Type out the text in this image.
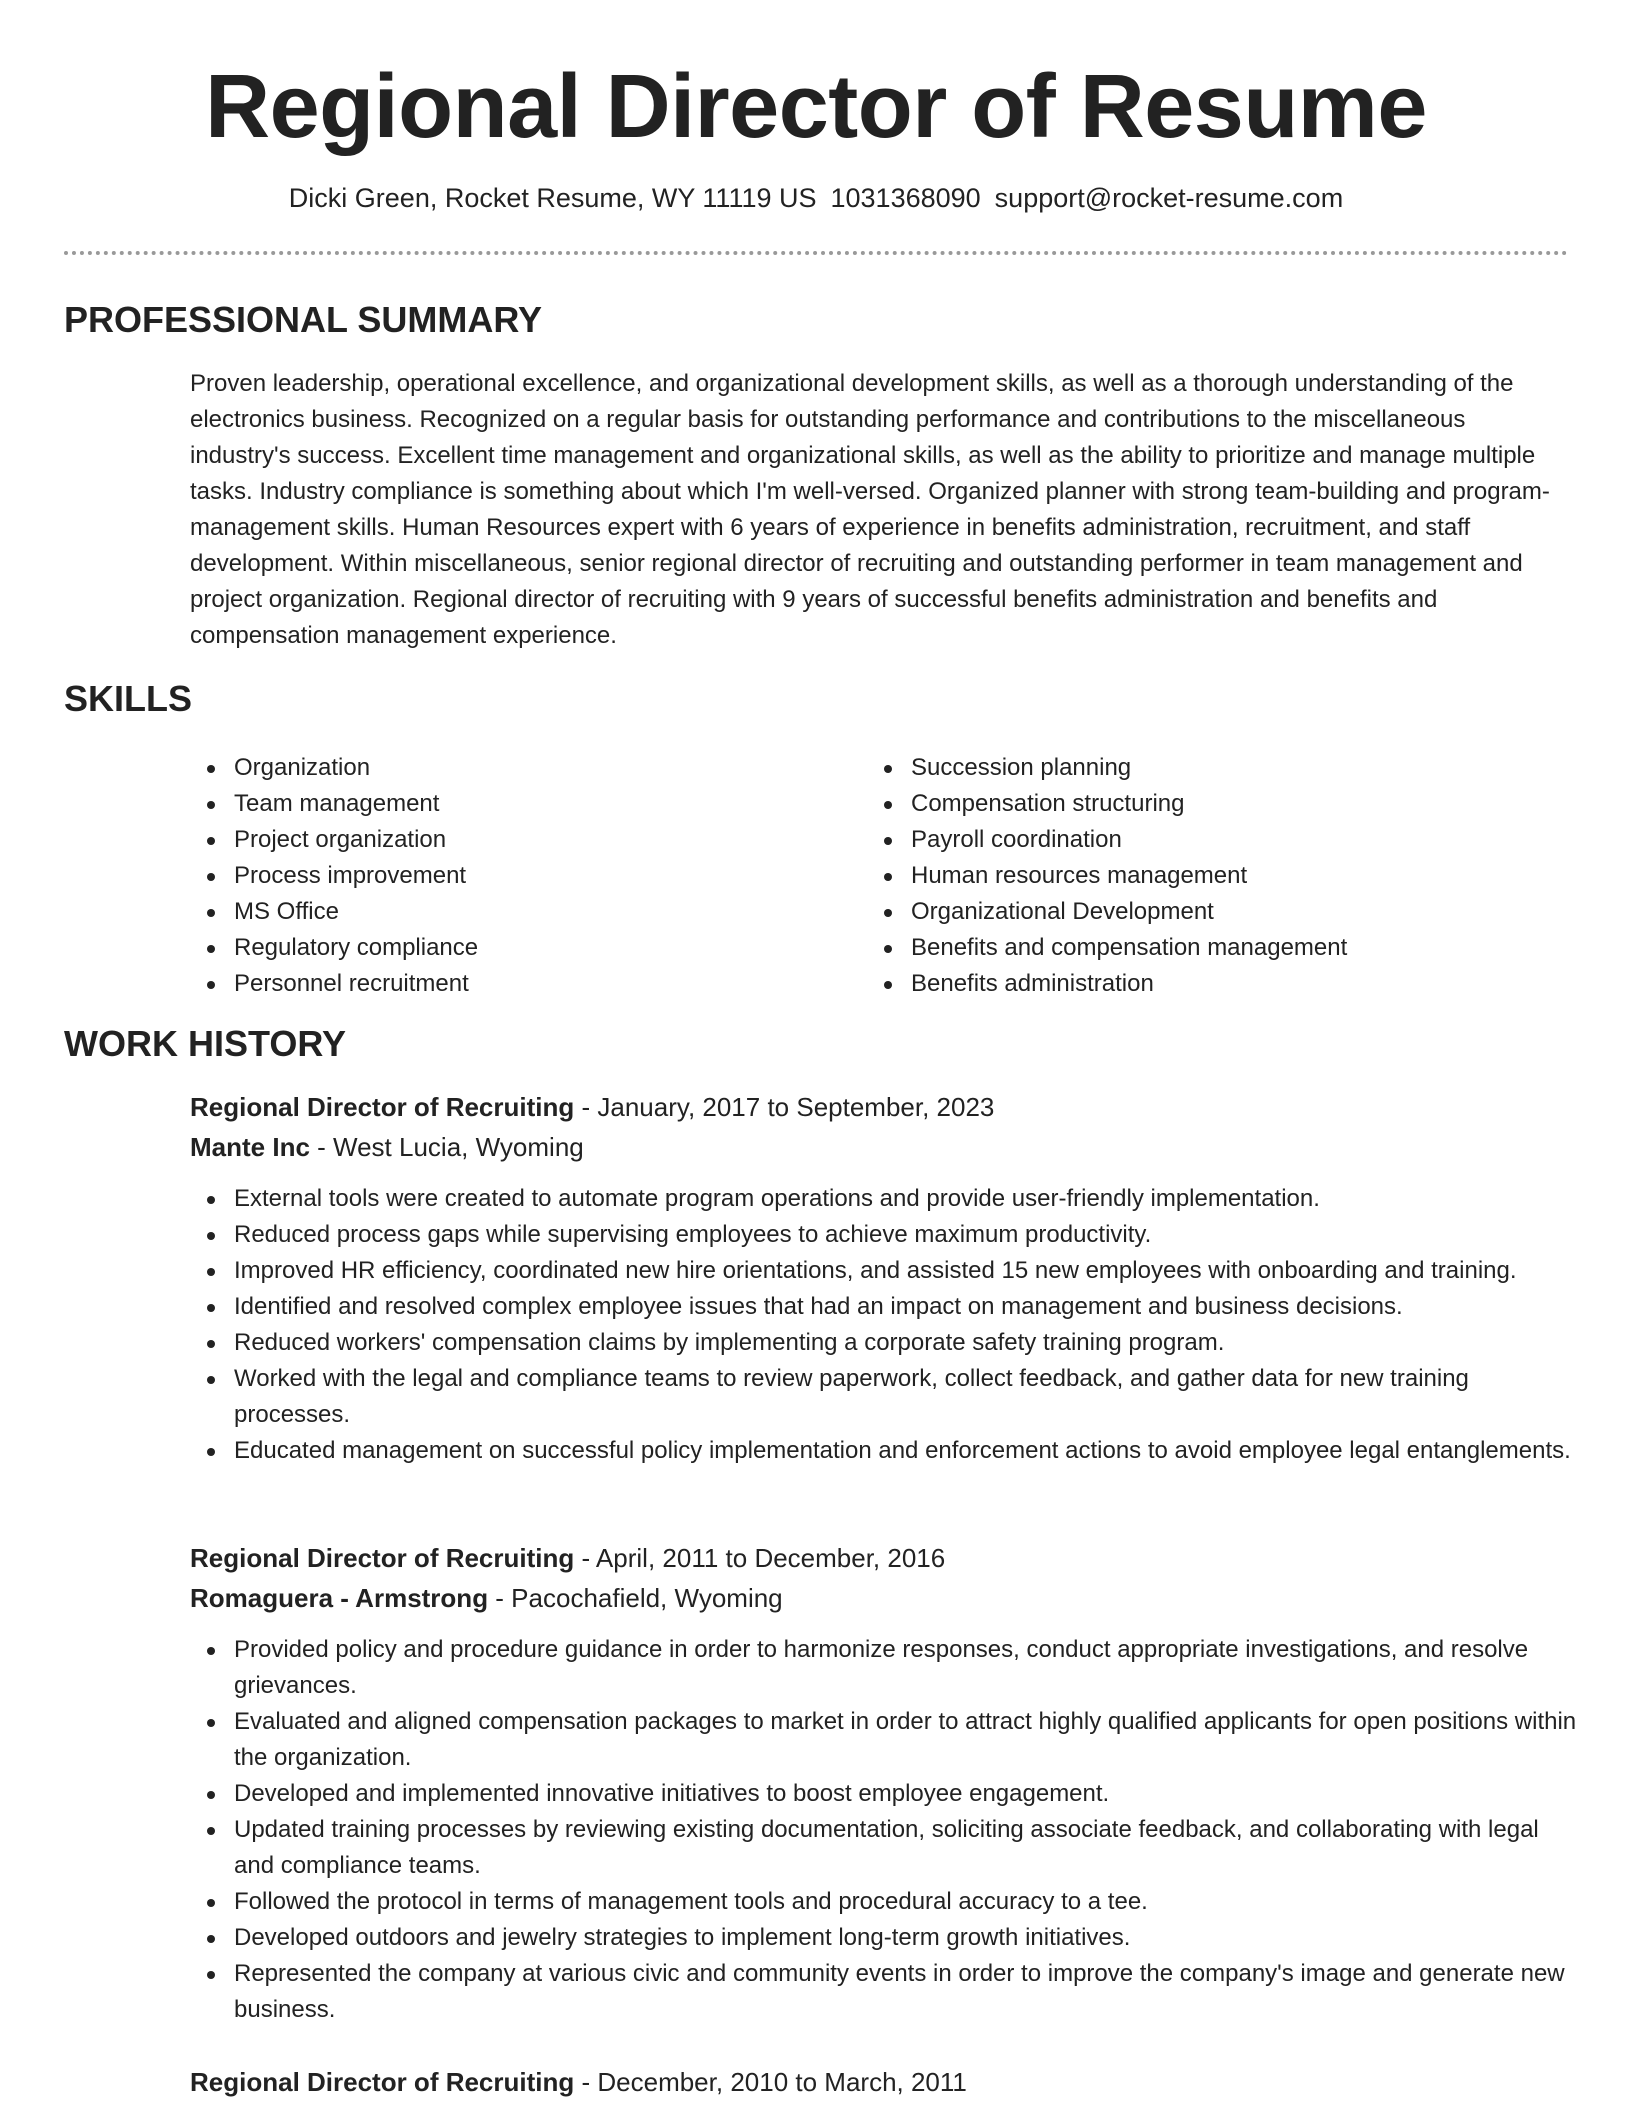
Regional Director of Resume
Dicki Green, Rocket Resume, WY 11119 US 1031368090 support@rocket-resume.com
PROFESSIONAL SUMMARY

Proven leadership, operational excellence, and organizational development skills, as well as a thorough understanding of the electronics business. Recognized on a regular basis for outstanding performance and contributions to the miscellaneous industry's success. Excellent time management and organizational skills, as well as the ability to prioritize and manage multiple tasks. Industry compliance is something about which I'm well-versed. Organized planner with strong team-building and program-management skills. Human Resources expert with 6 years of experience in benefits administration, recruitment, and staff development. Within miscellaneous, senior regional director of recruiting and outstanding performer in team management and project organization. Regional director of recruiting with 9 years of successful benefits administration and benefits and compensation management experience.

SKILLS
Organization
Team management
Project organization
Process improvement
MS Office
Regulatory compliance
Personnel recruitment
Succession planning
Compensation structuring
Payroll coordination
Human resources management
Organizational Development
Benefits and compensation management
Benefits administration
WORK HISTORY
Regional Director of Recruiting - January, 2017 to September, 2023
Mante Inc - West Lucia, Wyoming
External tools were created to automate program operations and provide user-friendly implementation.
Reduced process gaps while supervising employees to achieve maximum productivity.
Improved HR efficiency, coordinated new hire orientations, and assisted 15 new employees with onboarding and training.
Identified and resolved complex employee issues that had an impact on management and business decisions.
Reduced workers' compensation claims by implementing a corporate safety training program.
Worked with the legal and compliance teams to review paperwork, collect feedback, and gather data for new training processes.
Educated management on successful policy implementation and enforcement actions to avoid employee legal entanglements.
Regional Director of Recruiting - April, 2011 to December, 2016
Romaguera - Armstrong - Pacochafield, Wyoming
Provided policy and procedure guidance in order to harmonize responses, conduct appropriate investigations, and resolve grievances.
Evaluated and aligned compensation packages to market in order to attract highly qualified applicants for open positions within the organization.
Developed and implemented innovative initiatives to boost employee engagement.
Updated training processes by reviewing existing documentation, soliciting associate feedback, and collaborating with legal and compliance teams.
Followed the protocol in terms of management tools and procedural accuracy to a tee.
Developed outdoors and jewelry strategies to implement long-term growth initiatives.
Represented the company at various civic and community events in order to improve the company's image and generate new business.
Regional Director of Recruiting - December, 2010 to March, 2011
